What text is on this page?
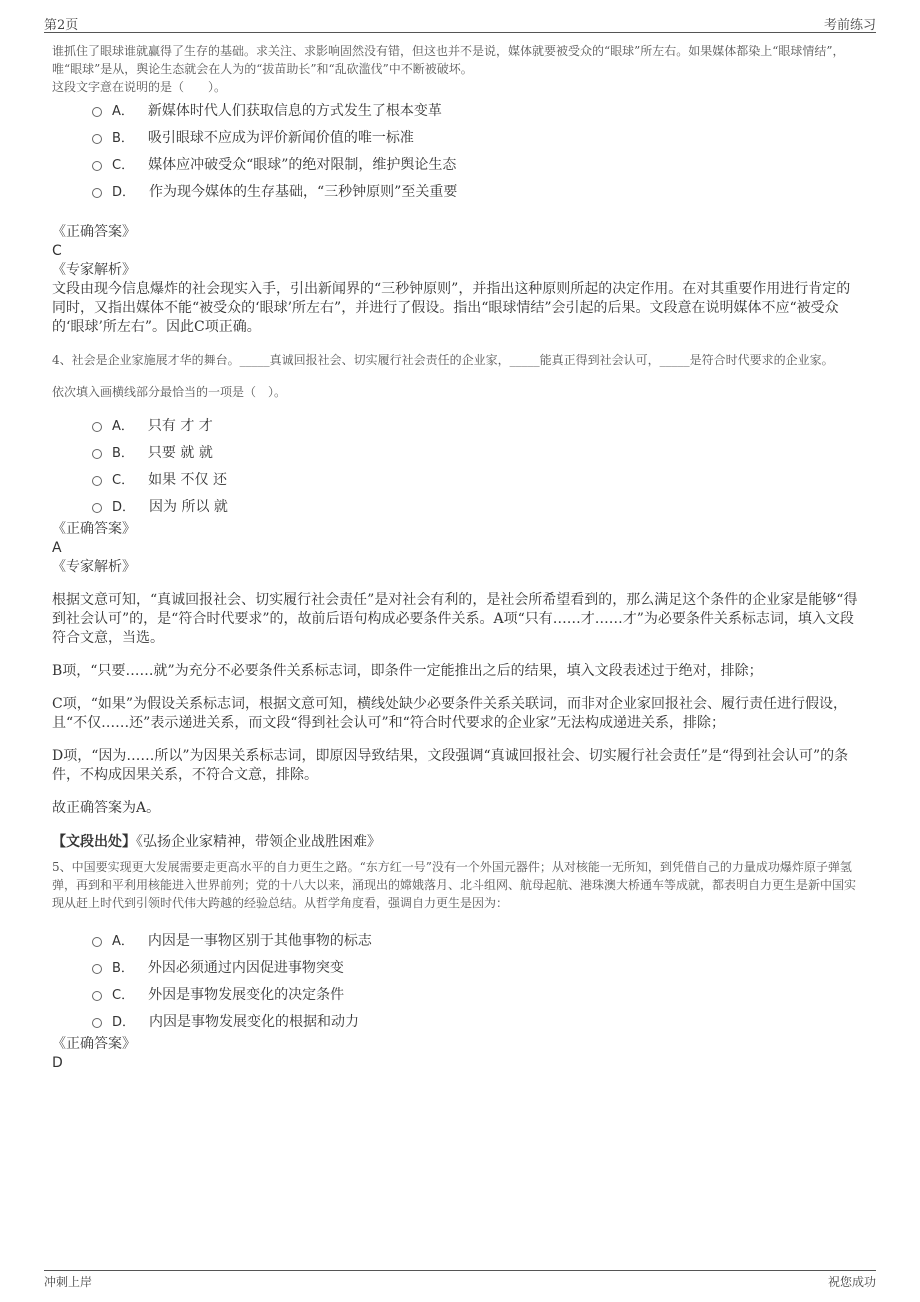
第2页	考前练习

谁抓住了眼球谁就赢得了生存的基础。求关注、求影响固然没有错，但这也并不是说，媒体就要被受众的“眼球”所左右。如果媒体都染上“眼球情结”，唯“眼球”是从，舆论生态就会在人为的“拔苗助长”和“乱砍滥伐”中不断被破坏。

这段文字意在说明的是（　　）。

A． 新媒体时代人们获取信息的方式发生了根本变革
B． 吸引眼球不应成为评价新闻价值的唯一标准
C． 媒体应冲破受众“眼球”的绝对限制，维护舆论生态
D． 作为现今媒体的生存基础，“三秒钟原则”至关重要
《正确答案》
C
《专家解析》

文段由现今信息爆炸的社会现实入手，引出新闻界的“三秒钟原则”，并指出这种原则所起的决定作用。在对其重要作用进行肯定的同时，又指出媒体不能“被受众的‘眼球’所左右”，并进行了假设。指出“眼球情结”会引起的后果。文段意在说明媒体不应“被受众的‘眼球’所左右”。因此C项正确。

4、社会是企业家施展才华的舞台。_____真诚回报社会、切实履行社会责任的企业家，_____能真正得到社会认可，_____是符合时代要求的企业家。

依次填入画横线部分最恰当的一项是（　）。

A． 只有 才 才
B． 只要 就 就
C． 如果 不仅 还
D． 因为 所以 就
《正确答案》
A
《专家解析》

根据文意可知，“真诚回报社会、切实履行社会责任”是对社会有利的，是社会所希望看到的，那么满足这个条件的企业家是能够“得到社会认可”的，是“符合时代要求”的，故前后语句构成必要条件关系。A项“只有……才……才”为必要条件关系标志词，填入文段符合文意，当选。

B项，“只要……就”为充分不必要条件关系标志词，即条件一定能推出之后的结果，填入文段表述过于绝对，排除；

C项，“如果”为假设关系标志词，根据文意可知，横线处缺少必要条件关系关联词，而非对企业家回报社会、履行责任进行假设，且“不仅……还”表示递进关系，而文段“得到社会认可”和“符合时代要求的企业家”无法构成递进关系，排除；

D项，“因为……所以”为因果关系标志词，即原因导致结果，文段强调“真诚回报社会、切实履行社会责任”是“得到社会认可”的条件，不构成因果关系，不符合文意，排除。

故正确答案为A。

【文段出处】《弘扬企业家精神，带领企业战胜困难》

5、中国要实现更大发展需要走更高水平的自力更生之路。“东方红一号”没有一个外国元器件；从对核能一无所知，到凭借自己的力量成功爆炸原子弹氢弹，再到和平利用核能进入世界前列；党的十八大以来，涌现出的嫦娥落月、北斗组网、航母起航、港珠澳大桥通车等成就，都表明自力更生是新中国实现从赶上时代到引领时代伟大跨越的经验总结。从哲学角度看，强调自力更生是因为：

A． 内因是一事物区别于其他事物的标志
B． 外因必须通过内因促进事物突变
C． 外因是事物发展变化的决定条件
D． 内因是事物发展变化的根据和动力
《正确答案》
D
冲刺上岸	祝您成功
